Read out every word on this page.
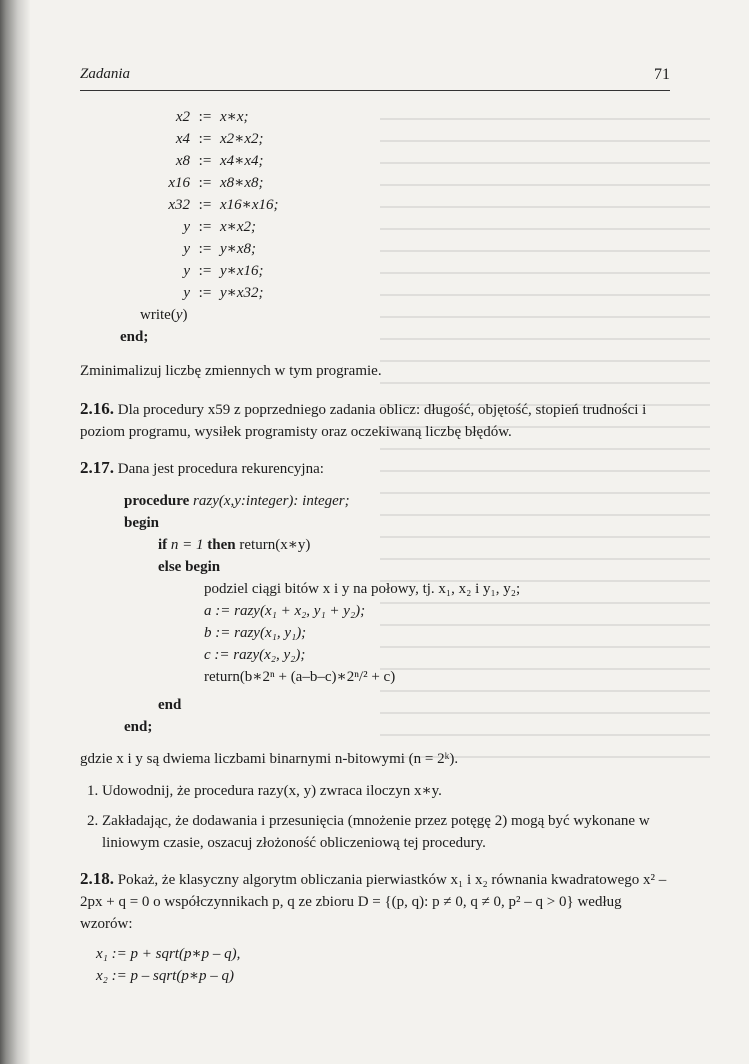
Zadania	71
x2 := x∗x;
x4 := x2∗x2;
x8 := x4∗x4;
x16 := x8∗x8;
x32 := x16∗x16;
y := x∗x2;
y := y∗x8;
y := y∗x16;
y := y∗x32;
write(y)
end;

Zminimalizuj liczbę zmiennych w tym programie.

2.16. Dla procedury x59 z poprzedniego zadania oblicz: długość, objętość, stopień trudności i poziom programu, wysiłek programisty oraz oczekiwaną liczbę błędów.

2.17. Dana jest procedura rekurencyjna:

procedure razy(x,y:integer): integer;
begin
if n = 1 then return(x∗y)
else begin
podziel ciągi bitów x i y na połowy, tj. x₁, x₂ i y₁, y₂;
a := razy(x₁ + x₂, y₁ + y₂);
b := razy(x₁, y₁);
c := razy(x₂, y₂);
return(b∗2ⁿ + (a–b–c)∗2ⁿ/² + c)
end
end;

gdzie x i y są dwiema liczbami binarnymi n-bitowymi (n = 2ᵏ).

1. Udowodnij, że procedura razy(x, y) zwraca iloczyn x∗y.
2. Zakładając, że dodawania i przesunięcia (mnożenie przez potęgę 2) mogą być wykonane w liniowym czasie, oszacuj złożoność obliczeniową tej procedury.

2.18. Pokaż, że klasyczny algorytm obliczania pierwiastków x₁ i x₂ równania kwadratowego x² – 2px + q = 0 o współczynnikach p, q ze zbioru D = {(p, q): p ≠ 0, q ≠ 0, p² – q > 0} według wzorów:

x₁ := p + sqrt(p∗p – q),
x₂ := p – sqrt(p∗p – q)
